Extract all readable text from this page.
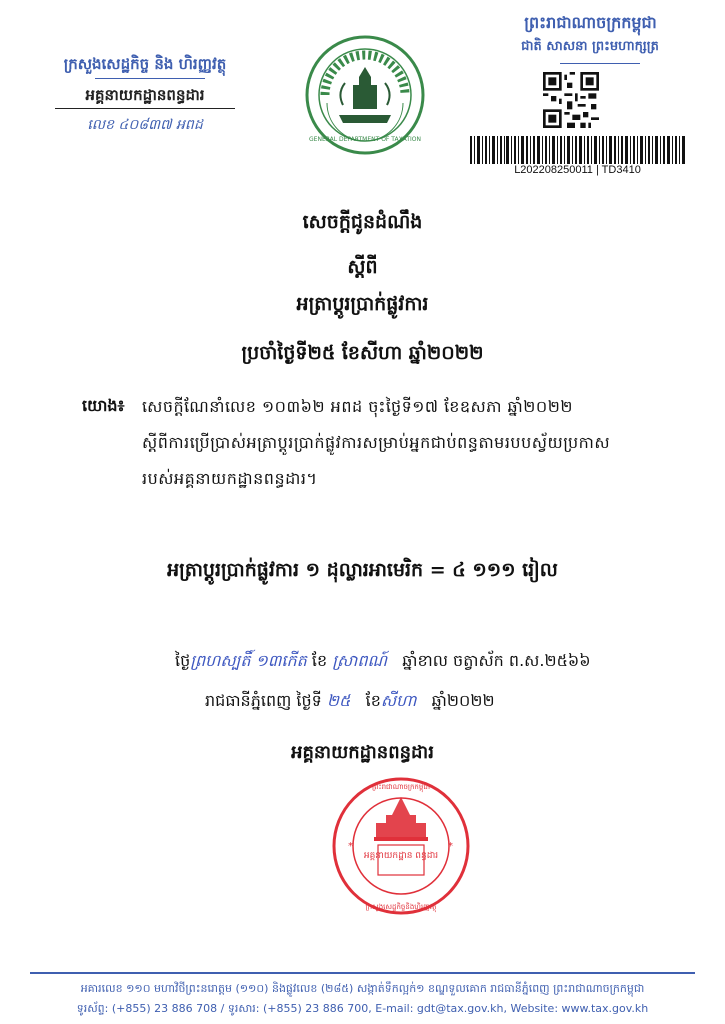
ក្រសួងសេដ្ឋកិច្ច និង ហិរញ្ញវត្ថុ
អគ្គនាយកដ្ឋានពន្ធដារ
លេខ ៤០៨៣៧ អពដ
GENERAL DEPARTMENT OF TAXATION
ព្រះរាជាណាចក្រកម្ពុជា
ជាតិ សាសនា ព្រះមហាក្សត្រ
L202208250011 | TD3410
សេចក្តីជូនដំណឹង
ស្តីពី
អត្រាប្តូរប្រាក់ផ្លូវការ
ប្រចាំថ្ងៃទី២៥ ខែសីហា ឆ្នាំ២០២២
យោង៖ សេចក្តីណែនាំលេខ ១០៣៦២ អពដ ចុះថ្ងៃទី១៧ ខែឧសភា ឆ្នាំ២០២២
ស្តីពីការប្រើប្រាស់អត្រាប្តូរប្រាក់ផ្លូវការសម្រាប់អ្នកជាប់ពន្ធតាមរបបស្វ័យប្រកាស
របស់អគ្គនាយកដ្ឋានពន្ធដារ។
អត្រាប្តូរប្រាក់ផ្លូវការ ១ ដុល្លារអាមេរិក = ៤ ១១១ រៀល
ថ្ងៃព្រហស្បតិ៍ ១៣កើត ខែ ស្រាពណ៍ ឆ្នាំខាល ចត្វាស័ក ព.ស.២៥៦៦
រាជធានីភ្នំពេញ ថ្ងៃទី ២៥ ខែសីហា ឆ្នាំ២០២២
អគ្គនាយកដ្ឋានពន្ធដារ
អគ្គនាយកដ្ឋាន ពន្ធដារ
ព្រះរាជាណាចក្រកម្ពុជា
ក្រសួងសេដ្ឋកិច្ចនិងហិរញ្ញវត្ថុ
*	*
អគារលេខ ១១០ មហាវិថីព្រះនរោត្តម (១១០) និងផ្លូវលេខ (២៨៥) សង្កាត់ទឹកល្អក់១ ខណ្ឌទួលគោក រាជធានីភ្នំពេញ ព្រះរាជាណាចក្រកម្ពុជា
ទូរស័ព្ទ: (+855) 23 886 708 / ទូរសារ: (+855) 23 886 700, E-mail: gdt@tax.gov.kh, Website: www.tax.gov.kh
